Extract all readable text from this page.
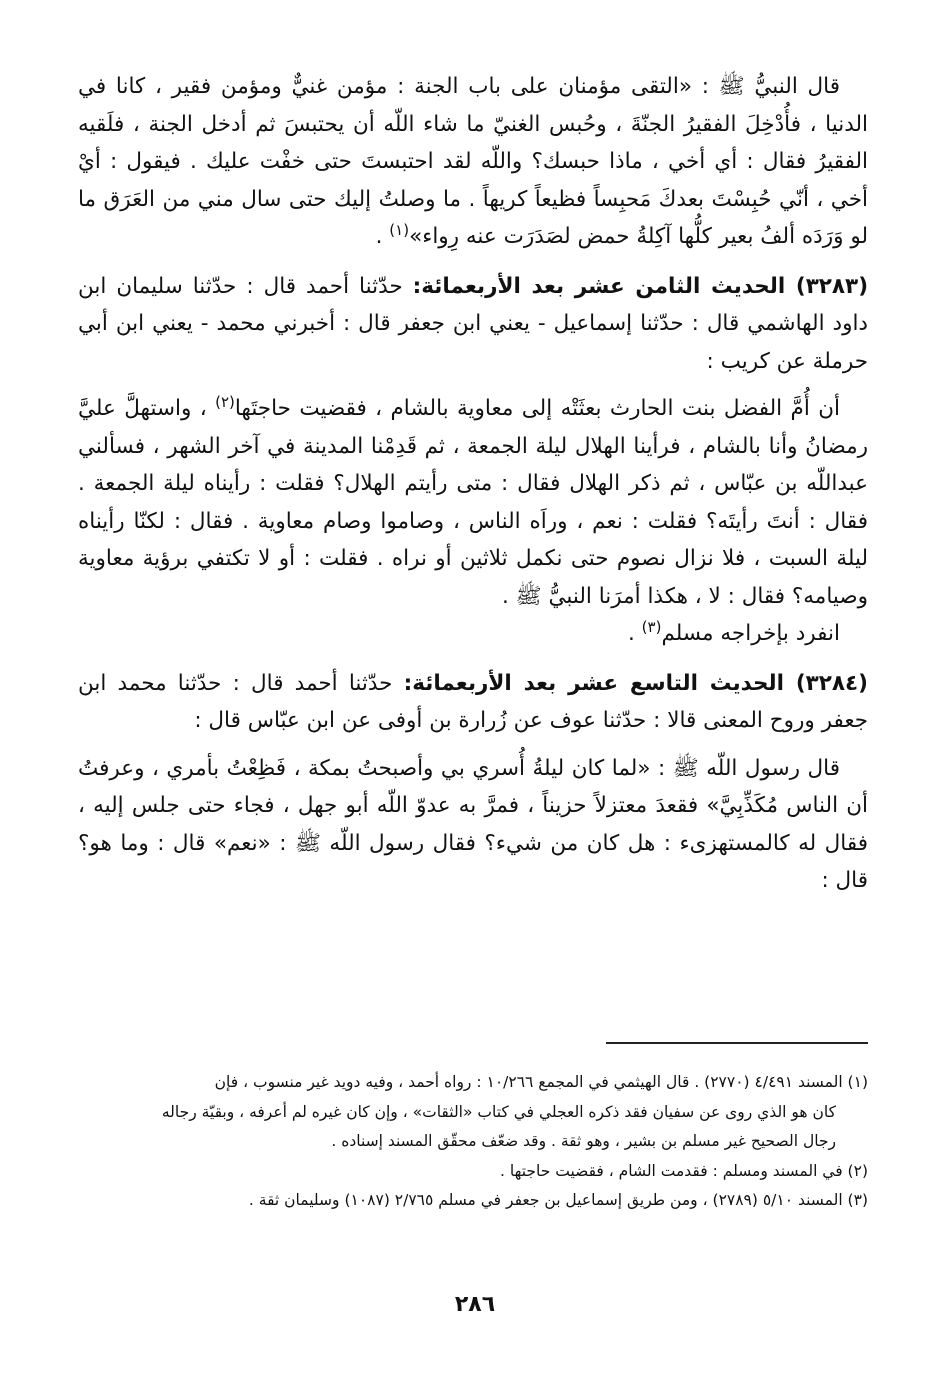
قال النبيُّ ﷺ : «التقى مؤمنان على باب الجنة : مؤمن غنيٌّ ومؤمن فقير ، كانا في الدنيا ، فأُدْخِلَ الفقيرُ الجنّةَ ، وحُبس الغنيّ ما شاء اللّه أن يحتبسَ ثم أدخل الجنة ، فلَقيه الفقيرُ فقال : أي أخي ، ماذا حبسك؟ واللّه لقد احتبستَ حتى خفْت عليك . فيقول : أيْ أخي ، أنّي حُبِسْتَ بعدكَ مَحبِساً فظيعاً كريهاً . ما وصلتُ إليك حتى سال مني من العَرَق ما لو وَرَدَه ألفُ بعير كلُّها آكِلةُ حمض لصَدَرَت عنه رِواء»$^{(١)}$ .

(٣٢٨٣) الحديث الثامن عشر بعد الأربعمائة: حدّثنا أحمد قال : حدّثنا سليمان ابن داود الهاشمي قال : حدّثنا إسماعيل - يعني ابن جعفر قال : أخبرني محمد - يعني ابن أبي حرملة عن كريب :

أن أُمَّ الفضل بنت الحارث بعثَتْه إلى معاوية بالشام ، فقضيت حاجتَها$^{(٢)}$ ، واستهلَّ عليَّ رمضانُ وأنا بالشام ، فرأينا الهلال ليلة الجمعة ، ثم قَدِمْنا المدينة في آخر الشهر ، فسألني عبداللّه بن عبّاس ، ثم ذكر الهلال فقال : متى رأيتم الهلال؟ فقلت : رأيناه ليلة الجمعة . فقال : أنتَ رأيتَه؟ فقلت : نعم ، وراَه الناس ، وصاموا وصام معاوية . فقال : لكنّا رأيناه ليلة السبت ، فلا نزال نصوم حتى نكمل ثلاثين أو نراه . فقلت : أو لا تكتفي برؤية معاوية وصيامه؟ فقال : لا ، هكذا أمرَنا النبيُّ ﷺ .

انفرد بإخراجه مسلم$^{(٣)}$ .

(٣٢٨٤) الحديث التاسع عشر بعد الأربعمائة: حدّثنا أحمد قال : حدّثنا محمد ابن جعفر وروح المعنى قالا : حدّثنا عوف عن زُرارة بن أوفى عن ابن عبّاس قال :

قال رسول اللّه ﷺ : «لما كان ليلةُ أُسري بي وأصبحتُ بمكة ، فَظِعْتُ بأمري ، وعرفتُ أن الناس مُكَذِّبِيَّ» فقعدَ معتزلاً حزيناً ، فمرَّ به عدوّ اللّه أبو جهل ، فجاء حتى جلس إليه ، فقال له كالمستهزىء : هل كان من شيء؟ فقال رسول اللّه ﷺ : «نعم» قال : وما هو؟ قال :

(١) المسند ٤/٤٩١ (٢٧٧٠) . قال الهيثمي في المجمع ١٠/٢٦٦ : رواه أحمد ، وفيه دويد غير منسوب ، فإن

كان هو الذي روى عن سفيان فقد ذكره العجلي في كتاب «الثقات» ، وإن كان غيره لم أعرفه ، وبقيّة رجاله

رجال الصحيح غير مسلم بن بشير ، وهو ثقة . وقد ضعّف محقّق المسند إسناده .

(٢) في المسند ومسلم : فقدمت الشام ، فقضيت حاجتها .

(٣) المسند ٥/١٠ (٢٧٨٩) ، ومن طريق إسماعيل بن جعفر في مسلم ٢/٧٦٥ (١٠٨٧) وسليمان ثقة .

٢٨٦
